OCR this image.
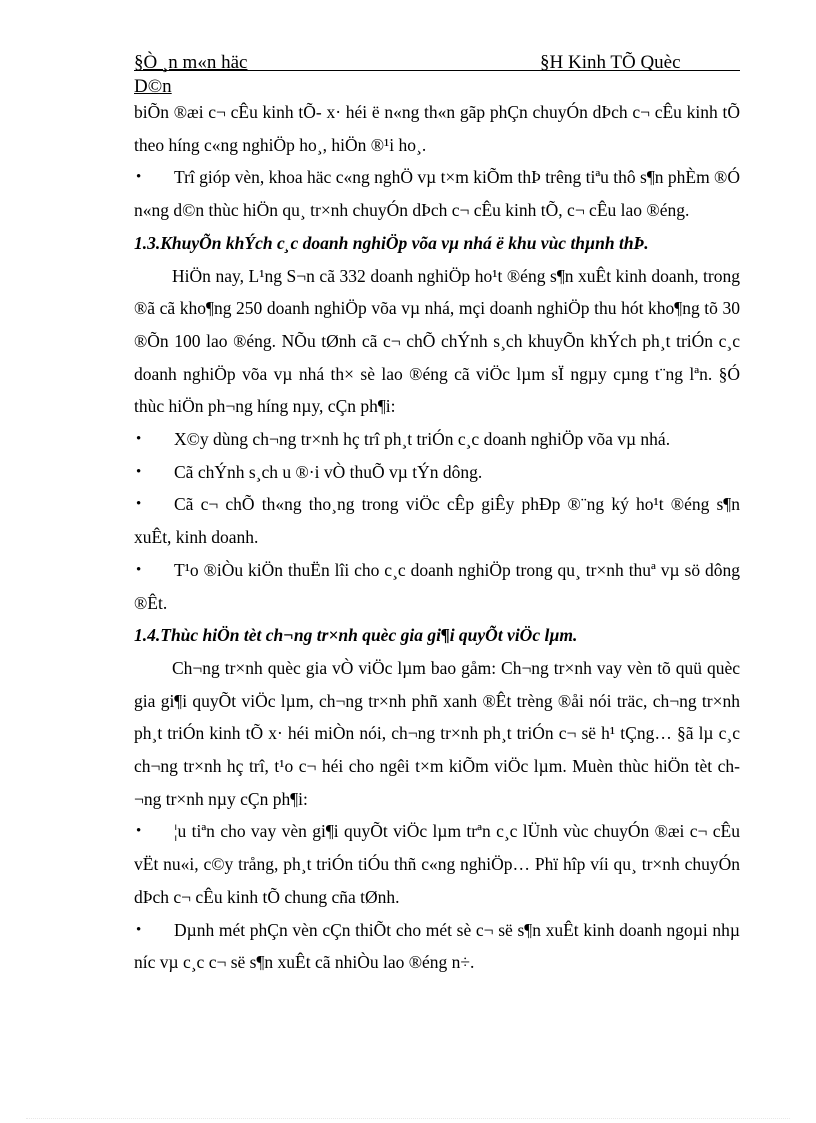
§Ò ¸n m«n häc	§H Kinh TÕ Quèc
D©n

biÕn ®æi c¬ cÊu kinh tÕ- x· héi ë n«ng th«n gãp phÇn chuyÓn dÞch c¬ cÊu kinh tÕ theo híng c«ng nghiÖp ho¸, hiÖn ®¹i ho¸.

• Trî gióp vèn, khoa häc c«ng nghÖ vµ t×m kiÕm thÞ trêng tiªu thô s¶n phÈm ®Ó n«ng d©n thùc hiÖn qu¸ tr×nh chuyÓn dÞch c¬ cÊu kinh tÕ, c¬ cÊu lao ®éng.

1.3.KhuyÕn khÝch c¸c doanh nghiÖp võa vµ nhá ë khu vùc thµnh thÞ.

HiÖn nay, L¹ng S¬n cã 332 doanh nghiÖp ho¹t ®éng s¶n xuÊt kinh doanh, trong ®ã cã kho¶ng 250 doanh nghiÖp võa vµ nhá, mçi doanh nghiÖp thu hót kho¶ng tõ 30 ®Õn 100 lao ®éng. NÕu tØnh cã c¬ chÕ chÝnh s¸ch khuyÕn khÝch ph¸t triÓn c¸c doanh nghiÖp võa vµ nhá th× sè lao ®éng cã viÖc lµm sÏ ngµy cµng t¨ng lªn. §Ó thùc hiÖn ph¬ng híng nµy, cÇn ph¶i:

• X©y dùng ch¬ng tr×nh hç trî ph¸t triÓn c¸c doanh nghiÖp võa vµ nhá.

• Cã chÝnh s¸ch u ®·i vÒ thuÕ vµ tÝn dông.

• Cã c¬ chÕ th«ng tho¸ng trong viÖc cÊp giÊy phÐp ®¨ng ký ho¹t ®éng s¶n xuÊt, kinh doanh.

• T¹o ®iÒu kiÖn thuËn lîi cho c¸c doanh nghiÖp trong qu¸ tr×nh thuª vµ sö dông ®Êt.

1.4.Thùc hiÖn tèt ch¬ng tr×nh quèc gia gi¶i quyÕt viÖc lµm.

Ch¬ng tr×nh quèc gia vÒ viÖc lµm bao gåm: Ch¬ng tr×nh vay vèn tõ quü quèc gia gi¶i quyÕt viÖc lµm, ch¬ng tr×nh phñ xanh ®Êt trèng ®åi nói träc, ch¬ng tr×nh ph¸t triÓn kinh tÕ x· héi miÒn nói, ch¬ng tr×nh ph¸t triÓn c¬ së h¹ tÇng… §ã lµ c¸c ch¬ng tr×nh hç trî, t¹o c¬ héi cho ngêi t×m kiÕm viÖc lµm. Muèn thùc hiÖn tèt ch¬ng tr×nh nµy cÇn ph¶i:

• ¦u tiªn cho vay vèn gi¶i quyÕt viÖc lµm trªn c¸c lÜnh vùc chuyÓn ®æi c¬ cÊu vËt nu«i, c©y trång, ph¸t triÓn tiÓu thñ c«ng nghiÖp… Phï hîp víi qu¸ tr×nh chuyÓn dÞch c¬ cÊu kinh tÕ chung cña tØnh.

• Dµnh mét phÇn vèn cÇn thiÕt cho mét sè c¬ së s¶n xuÊt kinh doanh ngoµi nhµ níc vµ c¸c c¬ së s¶n xuÊt cã nhiÒu lao ®éng n÷.
